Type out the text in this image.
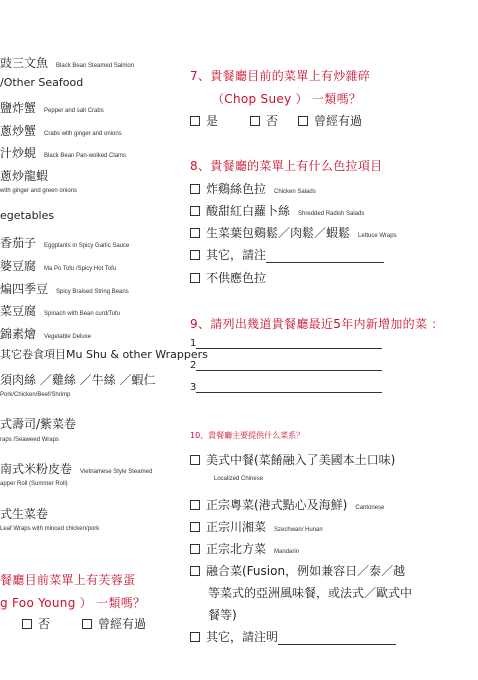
豉三文魚 Black Bean Steamed Salmon
/Other Seafood
鹽炸蟹 Pepper and salt Crabs
蔥炒蟹 Crabs with ginger and onions
汁炒蜆 Black Bean Pan-wolked Clams
蔥炒龍蝦
with ginger and green onions
egetables
香茄子 Eggplants in Spicy Garlic Sauce
婆豆腐 Ma Po Tofu /Spicy Hot Tofu
煸四季豆 Spicy Braised String Beans
菜豆腐 Spinach with Bean curd/Tofu
錦素燴 Vegetable Deluxe
其它卷食項目Mu Shu & other Wrappers
須肉絲 ／雞絲 ／牛絲 ／蝦仁
Pork/Chicken/Beef/Shrimp
式壽司/紫菜卷
raps /Seaweed Wraps
南式米粉皮卷 Vietnamese Style Steamed
apper Roll (Summer Roll)
式生菜卷
Leaf Wraps with minced chicken/pork
餐廳目前菜單上有芙蓉蛋
g Foo Young ） 一類嗎？
否	曾經有過
7、貴餐廳目前的菜單上有炒雜碎
（Chop Suey ） 一類嗎？
是	否	曾經有過
8、貴餐廳的菜單上有什么色拉項目
炸鷄絲色拉 Chicken Salads
酸甜紅白蘿卜絲 Shredded Radish Salads
生菜葉包鷄鬆／肉鬆／蝦鬆 Lettuce Wraps
其它，請注
不供應色拉
9、請列出幾道貴餐廳最近5年内新增加的菜 ：
1
2
3
10、貴餐廳主要提供什么菜系？
美式中餐(菜餚融入了美國本土口味)
Localized Chinese
正宗粵菜(港式點心及海鮮) Cantonese
正宗川湘菜 Szechwan/ Hunan
正宗北方菜 Mandarin
融合菜(Fusion，例如兼容日／泰／越
等菜式的亞洲風味餐，或法式／歐式中
餐等)
其它，請注明
